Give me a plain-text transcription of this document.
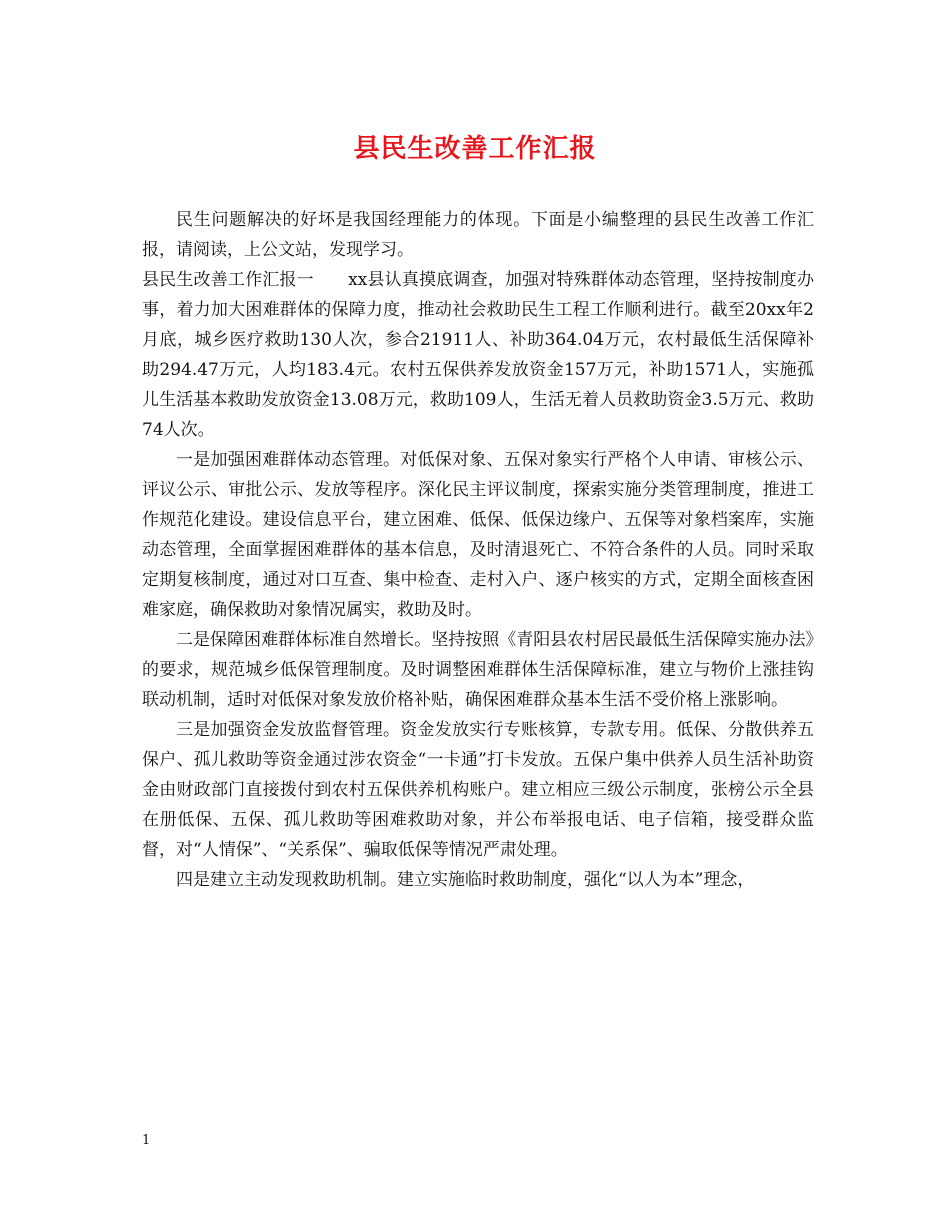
县民生改善工作汇报

民生问题解决的好坏是我国经理能力的体现。下面是小编整理的县民生改善工作汇报，请阅读，上公文站，发现学习。

县民生改善工作汇报一　　xx县认真摸底调查，加强对特殊群体动态管理，坚持按制度办事，着力加大困难群体的保障力度，推动社会救助民生工程工作顺利进行。截至20xx年2月底，城乡医疗救助130人次，参合21911人、补助364.04万元，农村最低生活保障补助294.47万元，人均183.4元。农村五保供养发放资金157万元，补助1571人，实施孤儿生活基本救助发放资金13.08万元，救助109人，生活无着人员救助资金3.5万元、救助74人次。

一是加强困难群体动态管理。对低保对象、五保对象实行严格个人申请、审核公示、评议公示、审批公示、发放等程序。深化民主评议制度，探索实施分类管理制度，推进工作规范化建设。建设信息平台，建立困难、低保、低保边缘户、五保等对象档案库，实施动态管理，全面掌握困难群体的基本信息，及时清退死亡、不符合条件的人员。同时采取定期复核制度，通过对口互查、集中检查、走村入户、逐户核实的方式，定期全面核查困难家庭，确保救助对象情况属实，救助及时。

二是保障困难群体标准自然增长。坚持按照《青阳县农村居民最低生活保障实施办法》的要求，规范城乡低保管理制度。及时调整困难群体生活保障标准，建立与物价上涨挂钩联动机制，适时对低保对象发放价格补贴，确保困难群众基本生活不受价格上涨影响。

三是加强资金发放监督管理。资金发放实行专账核算，专款专用。低保、分散供养五保户、孤儿救助等资金通过涉农资金“一卡通”打卡发放。五保户集中供养人员生活补助资金由财政部门直接拨付到农村五保供养机构账户。建立相应三级公示制度，张榜公示全县在册低保、五保、孤儿救助等困难救助对象，并公布举报电话、电子信箱，接受群众监督，对“人情保”、“关系保”、骗取低保等情况严肃处理。

四是建立主动发现救助机制。建立实施临时救助制度，强化“以人为本”理念，

1
